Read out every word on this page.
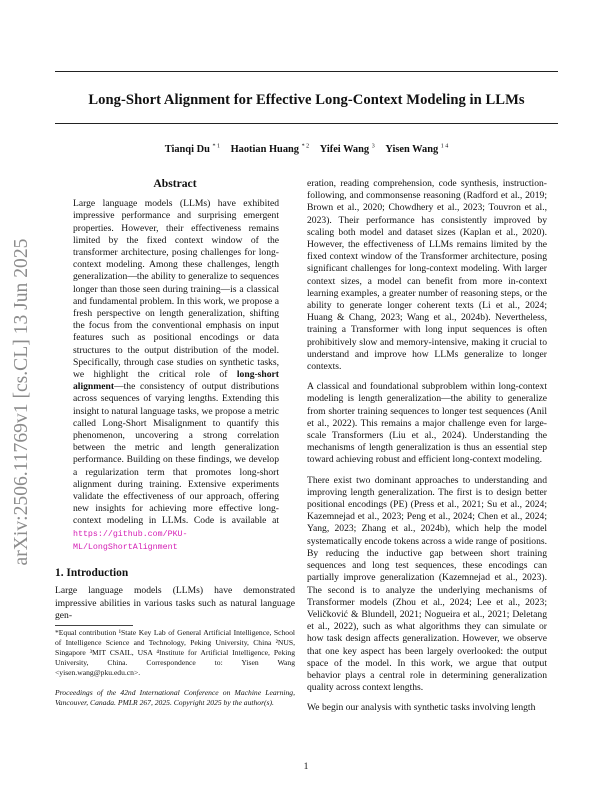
Long-Short Alignment for Effective Long-Context Modeling in LLMs
Tianqi Du $^{* 1}$ Haotian Huang $^{* 2}$ Yifei Wang $^3$ Yisen Wang $^{1 4}$
arXiv:2506.11769v1 [cs.CL] 13 Jun 2025
Abstract

Large language models (LLMs) have exhibited impressive performance and surprising emergent properties. However, their effectiveness remains limited by the fixed context window of the transformer architecture, posing challenges for long-context modeling. Among these challenges, length generalization—the ability to generalize to sequences longer than those seen during training—is a classical and fundamental problem. In this work, we propose a fresh perspective on length generalization, shifting the focus from the conventional emphasis on input features such as positional encodings or data structures to the output distribution of the model. Specifically, through case studies on synthetic tasks, we highlight the critical role of long-short alignment—the consistency of output distributions across sequences of varying lengths. Extending this insight to natural language tasks, we propose a metric called Long-Short Misalignment to quantify this phenomenon, uncovering a strong correlation between the metric and length generalization performance. Building on these findings, we develop a regularization term that promotes long-short alignment during training. Extensive experiments validate the effectiveness of our approach, offering new insights for achieving more effective long-context modeling in LLMs. Code is available at https://github.com/PKU-ML/LongShortAlignment

1. Introduction

Large language models (LLMs) have demonstrated impressive abilities in various tasks such as natural language gen-

*Equal contribution ¹State Key Lab of General Artificial Intelligence, School of Intelligence Science and Technology, Peking University, China ²NUS, Singapore ³MIT CSAIL, USA ⁴Institute for Artificial Intelligence, Peking University, China. Correspondence to: Yisen Wang <yisen.wang@pku.edu.cn>.

Proceedings of the 42nd International Conference on Machine Learning, Vancouver, Canada. PMLR 267, 2025. Copyright 2025 by the author(s).

eration, reading comprehension, code synthesis, instruction-following, and commonsense reasoning (Radford et al., 2019; Brown et al., 2020; Chowdhery et al., 2023; Touvron et al., 2023). Their performance has consistently improved by scaling both model and dataset sizes (Kaplan et al., 2020). However, the effectiveness of LLMs remains limited by the fixed context window of the Transformer architecture, posing significant challenges for long-context modeling. With larger context sizes, a model can benefit from more in-context learning examples, a greater number of reasoning steps, or the ability to generate longer coherent texts (Li et al., 2024; Huang & Chang, 2023; Wang et al., 2024b). Nevertheless, training a Transformer with long input sequences is often prohibitively slow and memory-intensive, making it crucial to understand and improve how LLMs generalize to longer contexts.

A classical and foundational subproblem within long-context modeling is length generalization—the ability to generalize from shorter training sequences to longer test sequences (Anil et al., 2022). This remains a major challenge even for large-scale Transformers (Liu et al., 2024). Understanding the mechanisms of length generalization is thus an essential step toward achieving robust and efficient long-context modeling.

There exist two dominant approaches to understanding and improving length generalization. The first is to design better positional encodings (PE) (Press et al., 2021; Su et al., 2024; Kazemnejad et al., 2023; Peng et al., 2024; Chen et al., 2024; Yang, 2023; Zhang et al., 2024b), which help the model systematically encode tokens across a wide range of positions. By reducing the inductive gap between short training sequences and long test sequences, these encodings can partially improve generalization (Kazemnejad et al., 2023). The second is to analyze the underlying mechanisms of Transformer models (Zhou et al., 2024; Lee et al., 2023; Veličković & Blundell, 2021; Nogueira et al., 2021; Deletang et al., 2022), such as what algorithms they can simulate or how task design affects generalization. However, we observe that one key aspect has been largely overlooked: the output space of the model. In this work, we argue that output behavior plays a central role in determining generalization quality across context lengths.

We begin our analysis with synthetic tasks involving length

1
